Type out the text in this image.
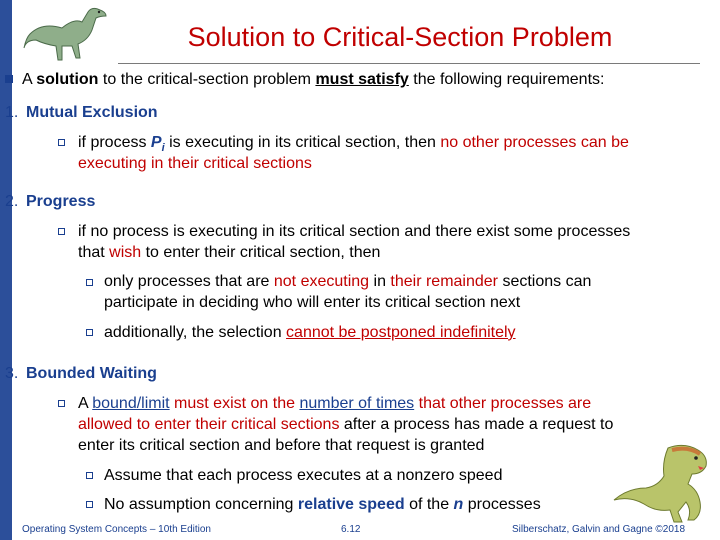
Solution to Critical-Section Problem
A solution to the critical-section problem must satisfy the following requirements:
1. Mutual Exclusion
if process $P_i$ is executing in its critical section, then no other processes can be
executing in their critical sections
2. Progress
if no process is executing in its critical section and there exist some processes
that wish to enter their critical section, then
only processes that are not executing in their remainder sections can
participate in deciding who will enter its critical section next
additionally, the selection cannot be postponed indefinitely
3. Bounded Waiting
A bound/limit must exist on the number of times that other processes are
allowed to enter their critical sections after a process has made a request to
enter its critical section and before that request is granted
Assume that each process executes at a nonzero speed
No assumption concerning relative speed of the n processes
Operating System Concepts – 10th Edition	6.12	Silberschatz, Galvin and Gagne ©2018
